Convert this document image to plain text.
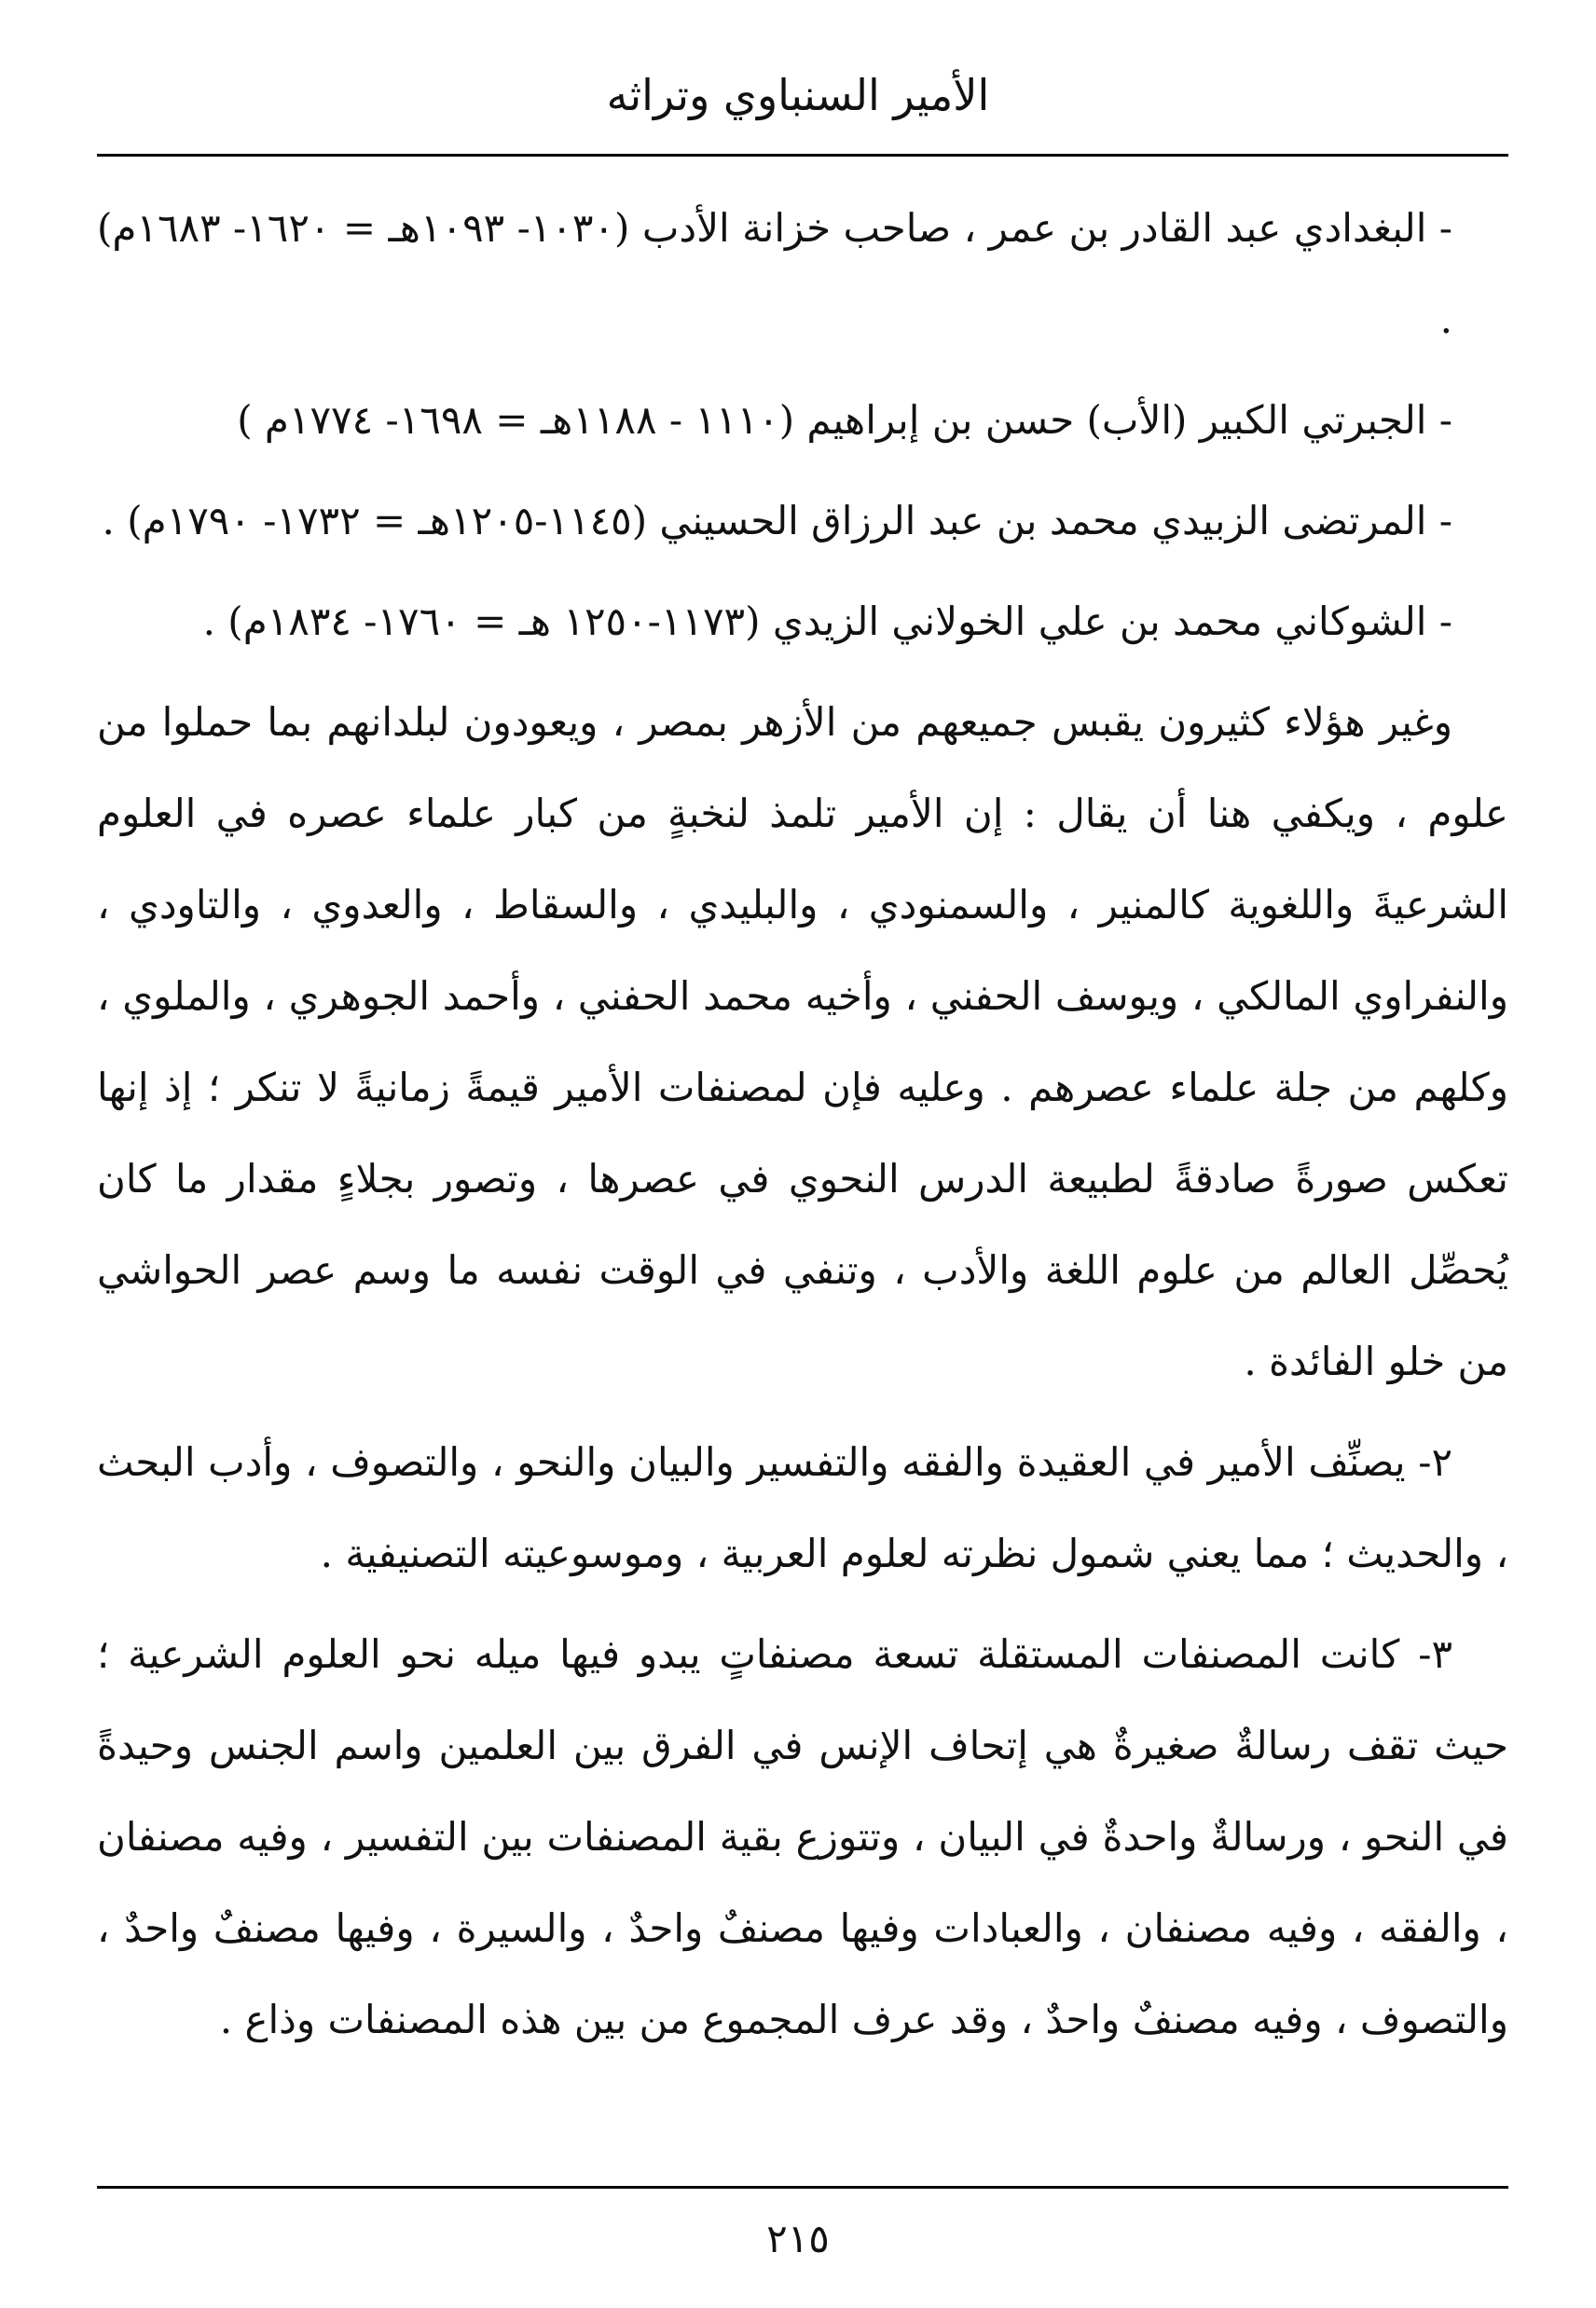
الأمير السنباوي وتراثه

- البغدادي عبد القادر بن عمر ، صاحب خزانة الأدب (١٠٣٠- ١٠٩٣هـ = ١٦٢٠- ١٦٨٣م) .

- الجبرتي الكبير (الأب) حسن بن إبراهيم (١١١٠ - ١١٨٨هـ = ١٦٩٨- ١٧٧٤م )

- المرتضى الزبيدي محمد بن عبد الرزاق الحسيني (١١٤٥-١٢٠٥هـ = ١٧٣٢- ١٧٩٠م) .

- الشوكاني محمد بن علي الخولاني الزيدي (١١٧٣-١٢٥٠ هـ = ١٧٦٠- ١٨٣٤م) .

وغير هؤلاء كثيرون يقبس جميعهم من الأزهر بمصر ، ويعودون لبلدانهم بما حملوا من علوم ، ويكفي هنا أن يقال : إن الأمير تلمذ لنخبةٍ من كبار علماء عصره في العلوم الشرعيةَ واللغوية كالمنير ، والسمنودي ، والبليدي ، والسقاط ، والعدوي ، والتاودي ، والنفراوي المالكي ، ويوسف الحفني ، وأخيه محمد الحفني ، وأحمد الجوهري ، والملوي ، وكلهم من جلة علماء عصرهم . وعليه فإن لمصنفات الأمير قيمةً زمانيةً لا تنكر ؛ إذ إنها تعكس صورةً صادقةً لطبيعة الدرس النحوي في عصرها ، وتصور بجلاءٍ مقدار ما كان يُحصِّل العالم من علوم اللغة والأدب ، وتنفي في الوقت نفسه ما وسم عصر الحواشي من خلو الفائدة .

٢- يصنِّف الأمير في العقيدة والفقه والتفسير والبيان والنحو ، والتصوف ، وأدب البحث ، والحديث ؛ مما يعني شمول نظرته لعلوم العربية ، وموسوعيته التصنيفية .

٣- كانت المصنفات المستقلة تسعة مصنفاتٍ يبدو فيها ميله نحو العلوم الشرعية ؛ حيث تقف رسالةٌ صغيرةٌ هي إتحاف الإنس في الفرق بين العلمين واسم الجنس وحيدةً في النحو ، ورسالةٌ واحدةٌ في البيان ، وتتوزع بقية المصنفات بين التفسير ، وفيه مصنفان ، والفقه ، وفيه مصنفان ، والعبادات وفيها مصنفٌ واحدٌ ، والسيرة ، وفيها مصنفٌ واحدٌ ، والتصوف ، وفيه مصنفٌ واحدٌ ، وقد عرف المجموع من بين هذه المصنفات وذاع .

٢١٥
